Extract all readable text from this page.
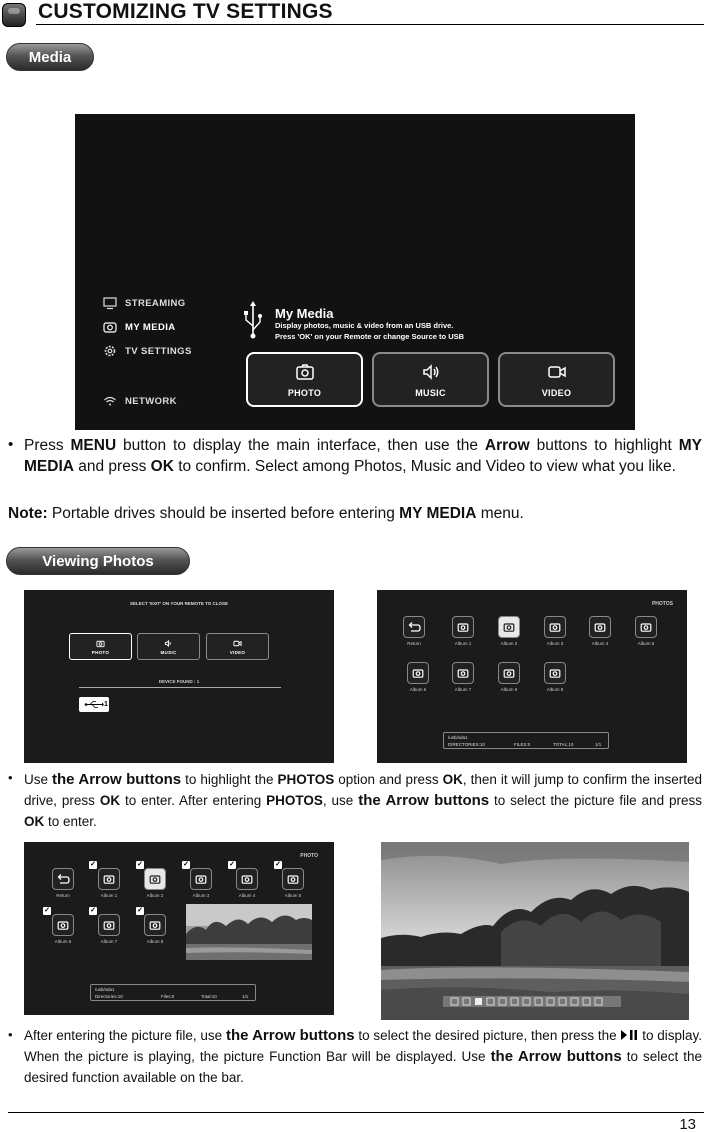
CUSTOMIZING TV SETTINGS
Media
STREAMING
MY MEDIA
TV SETTINGS
NETWORK
My Media
Display photos, music & video from an USB drive.
Press 'OK' on your Remote or change Source to USB
PHOTO	MUSIC	VIDEO
• Press MENU button to display the main interface, then use the Arrow buttons to highlight MY MEDIA and press OK to confirm. Select among Photos, Music and Video to view what you like.
Note: Portable drives should be inserted before entering MY MEDIA menu.
Viewing Photos
SELECT 'EXIT' ON YOUR REMOTE TO CLOSE
PHOTO	MUSIC	VIDEO
DEVICE FOUND : 1
1
PHOTOS
Return	Album 1	Album 2	Album 3	Album 4	Album 5
Album 6	Album 7	Album 8	Album 9
/usb/sda1
DIRECTORIES:10	FILES:0	TOTAL:10	1/1
• Use the Arrow buttons to highlight the PHOTOS option and press OK, then it will jump to confirm the inserted drive, press OK to enter. After entering PHOTOS, use the Arrow buttons to select the picture file and press OK to enter.
PHOTO
Return
✓
Album 1
✓
Album 2
✓
Album 3
✓
Album 4
✓
Album 5
✓
Album 6
✓
Album 7
✓
Album 8
/usb/sda1
Directories:10	Files:0	Total:10	1/1
• After entering the picture file, use the Arrow buttons to select the desired picture, then press the  to display. When the picture is playing, the picture Function Bar will be displayed. Use the Arrow buttons to select the desired function available on the bar.
13
